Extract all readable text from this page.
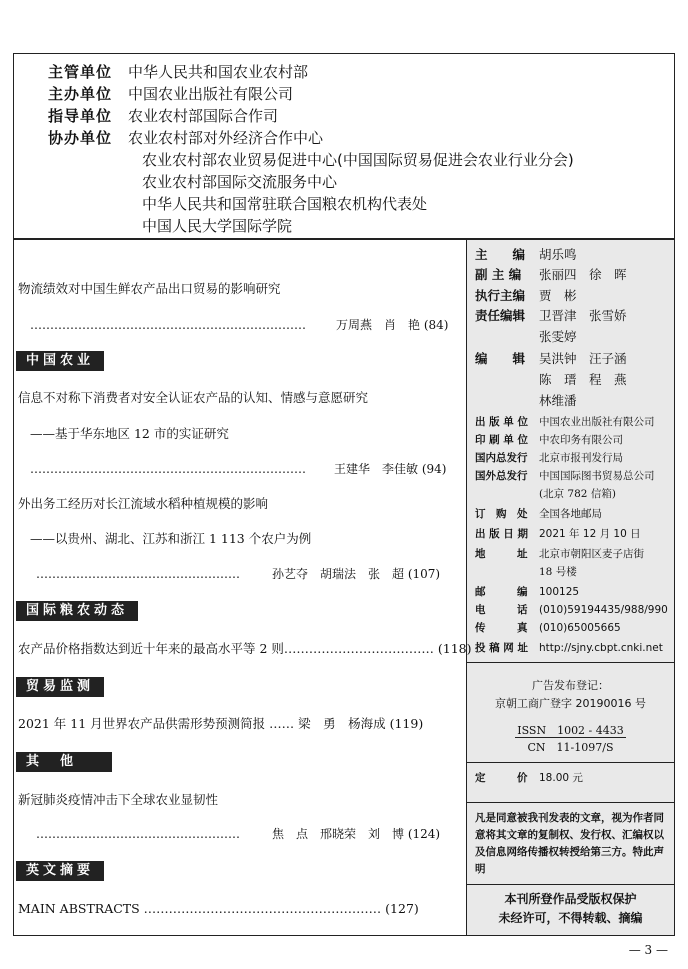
主管单位 中华人民共和国农业农村部
主办单位 中国农业出版社有限公司
指导单位 农业农村部国际合作司
协办单位 农业农村部对外经济合作中心
农业农村部农业贸易促进中心(中国国际贸易促进会农业行业分会)
农业农村部国际交流服务中心
中华人民共和国常驻联合国粮农机构代表处
中国人民大学国际学院
物流绩效对中国生鲜农产品出口贸易的影响研究
……………………………………………………………	万周燕　肖　艳 (84)
中国农业
信息不对称下消费者对安全认证农产品的认知、情感与意愿研究
——基于华东地区 12 市的实证研究
…………………………………………………………… 王建华　李佳敏 (94)
外出务工经历对长江流域水稻种植规模的影响
——以贵州、湖北、江苏和浙江 1 113 个农户为例
……………………………………………	孙艺夺　胡瑞法　张　超 (107)
国际粮农动态
农产品价格指数达到近十年来的最高水平等 2 则……………………………… (118)
贸易监测
2021 年 11 月世界农产品供需形势预测简报 …… 梁　勇　杨海成 (119)
其　他
新冠肺炎疫情冲击下全球农业显韧性
……………………………………………	焦　点　邢晓荣　刘　博 (124)
英文摘要
MAIN ABSTRACTS ………………………………………………… (127)
主　　编 胡乐鸣
副 主 编 张丽四　徐　晖
执行主编 贾　彬
责任编辑 卫晋津　张雪娇
张雯婷
编　　辑 吴洪钟　汪子涵
陈　瑨　程　燕
林维潘
出 版 单 位 中国农业出版社有限公司
印 刷 单 位 中农印务有限公司
国内总发行 北京市报刊发行局
国外总发行 中国国际图书贸易总公司
(北京 782 信箱)
订　购　处 全国各地邮局
出 版 日 期 2021 年 12 月 10 日
地　　　址 北京市朝阳区麦子店街
18 号楼
邮　　　编 100125
电　　　话 (010)59194435/988/990
传　　　真 (010)65005665
投 稿 网 址 http://sjny.cbpt.cnki.net
广告发布登记：
京朝工商广登字 20190016 号
ISSN　1002 - 4433
CN　11-1097/S
定　　　价 18.00 元
凡是同意被我刊发表的文章，视为作者同意将其文章的复制权、发行权、汇编权以及信息网络传播权转授给第三方。特此声明
本刊所登作品受版权保护
未经许可，不得转载、摘编
— 3 —
